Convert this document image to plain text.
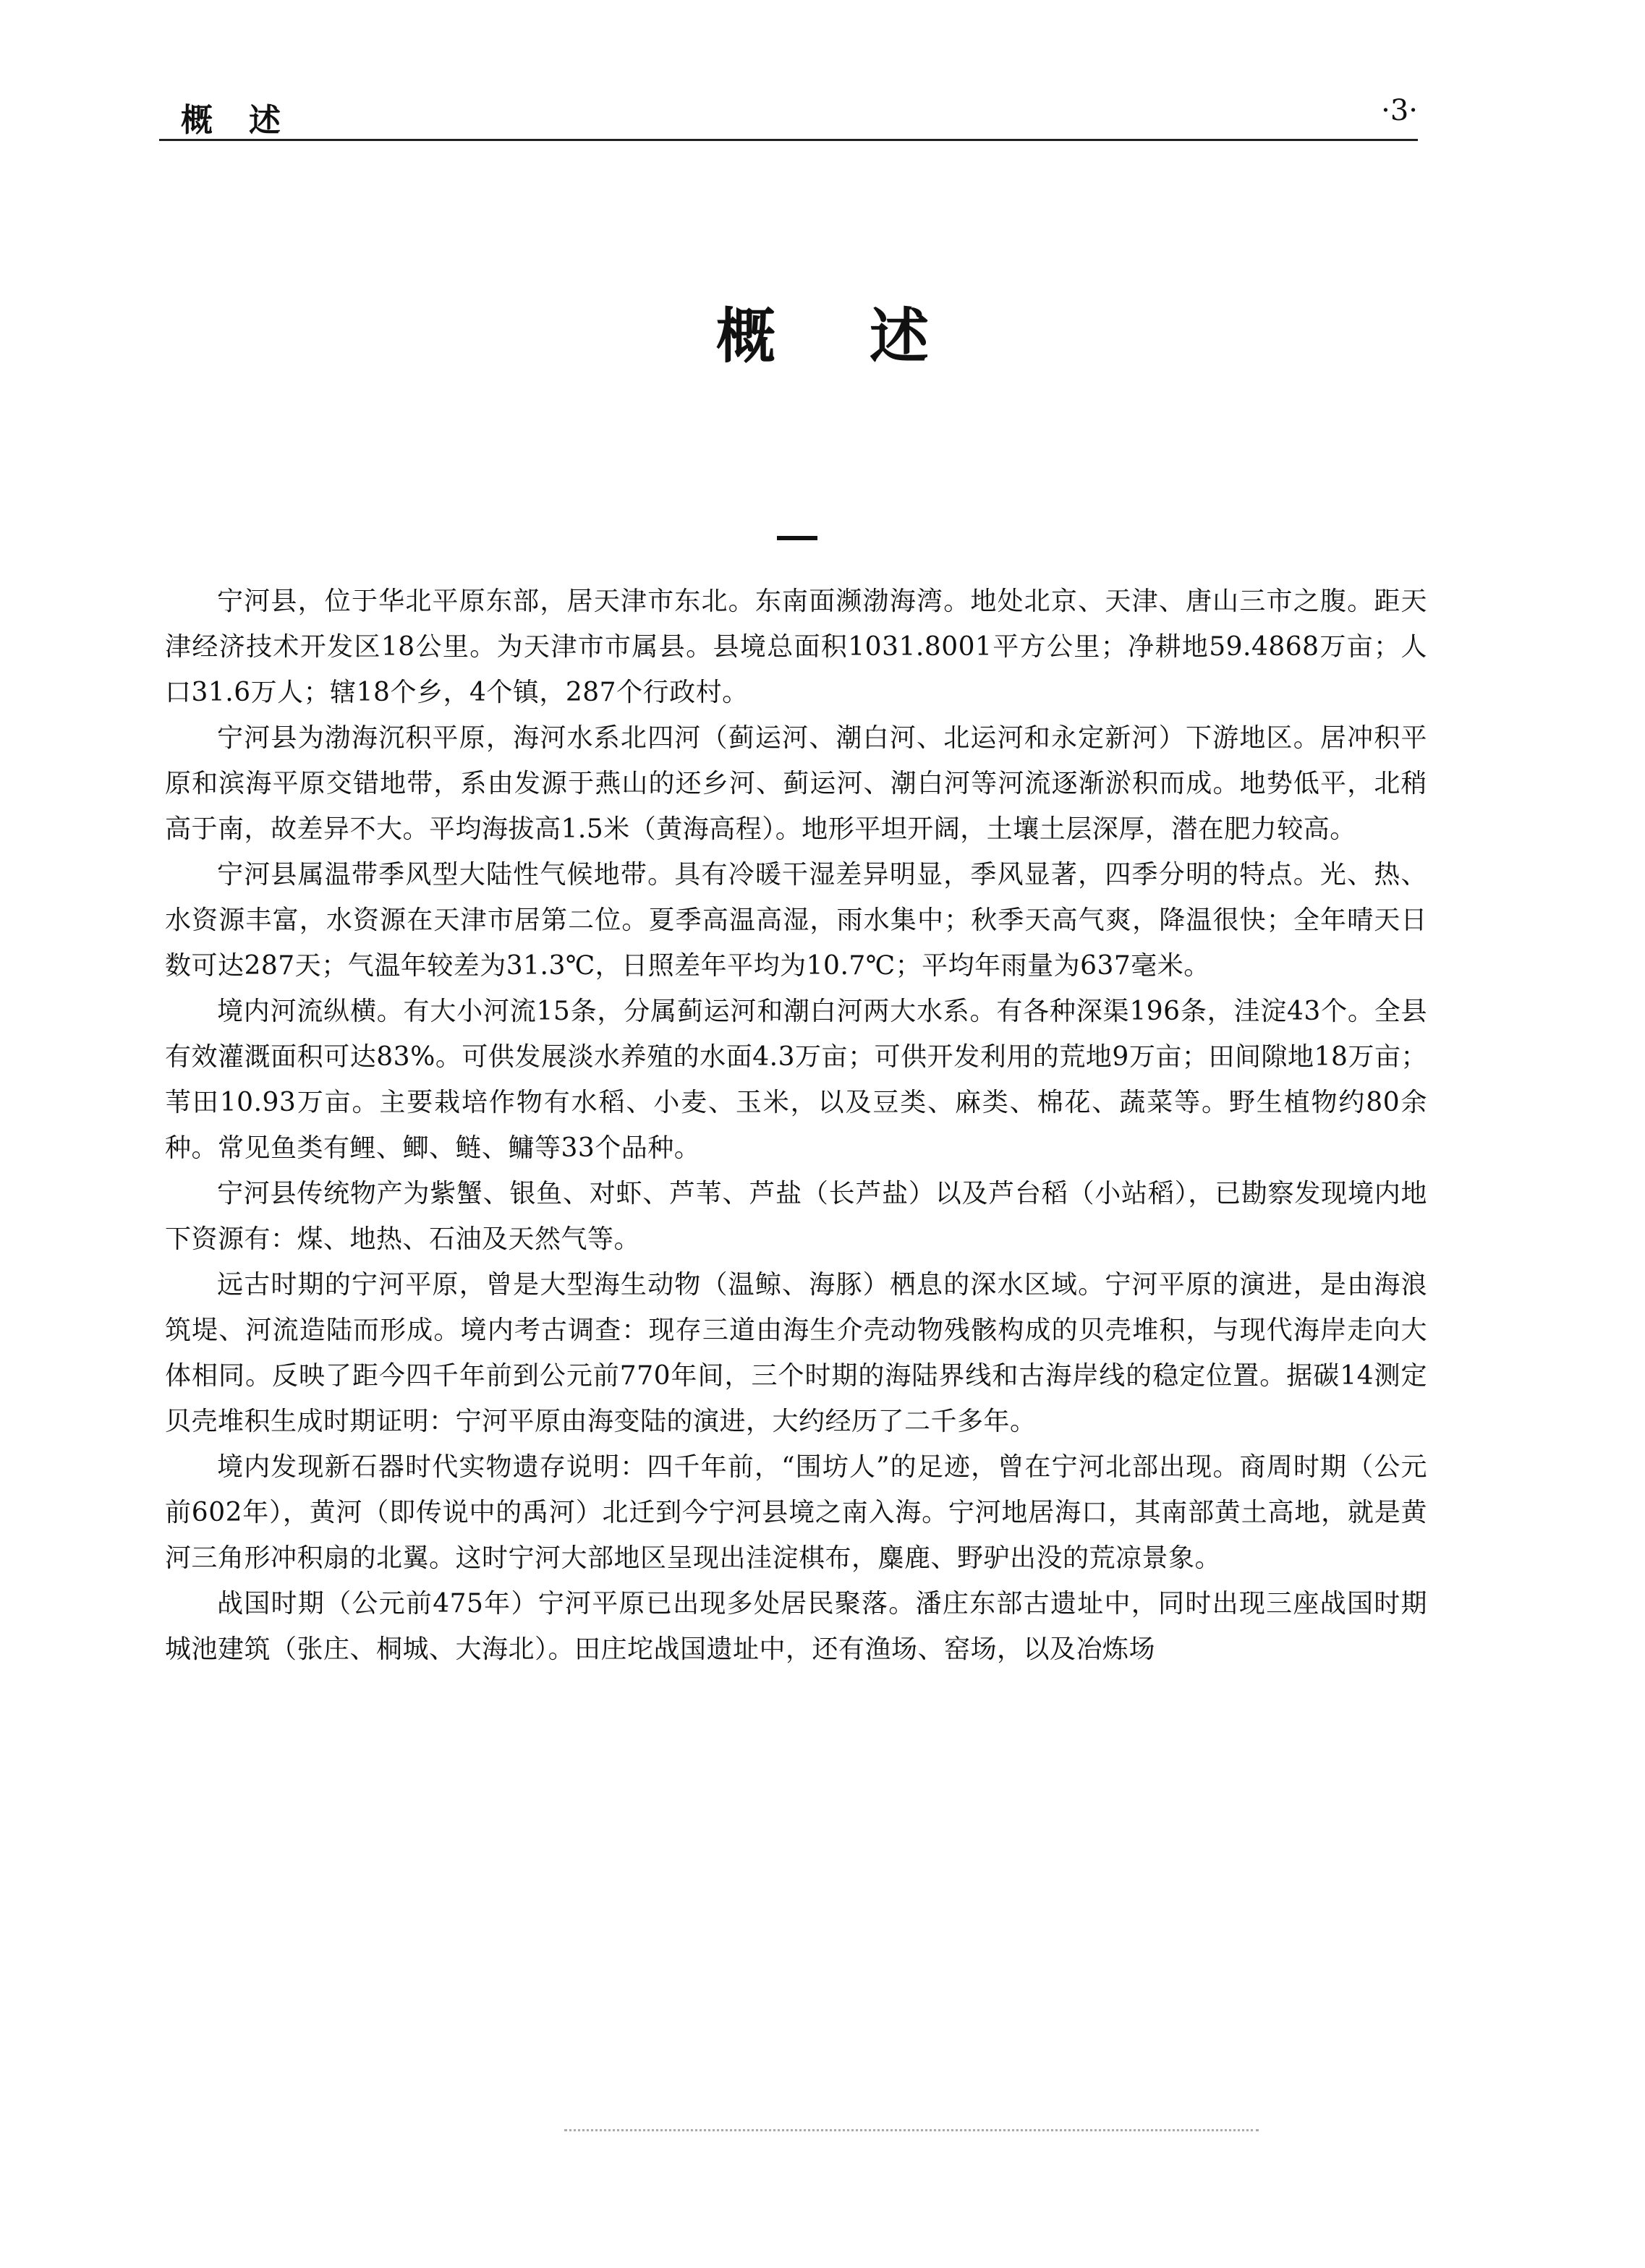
概述	·3·
概述

宁河县，位于华北平原东部，居天津市东北。东南面濒渤海湾。地处北京、天津、唐山三市之腹。距天津经济技术开发区18公里。为天津市市属县。县境总面积1031.8001平方公里；净耕地59.4868万亩；人口31.6万人；辖18个乡，4个镇，287个行政村。

宁河县为渤海沉积平原，海河水系北四河（蓟运河、潮白河、北运河和永定新河）下游地区。居冲积平原和滨海平原交错地带，系由发源于燕山的还乡河、蓟运河、潮白河等河流逐渐淤积而成。地势低平，北稍高于南，故差异不大。平均海拔高1.5米（黄海高程）。地形平坦开阔，土壤土层深厚，潜在肥力较高。

宁河县属温带季风型大陆性气候地带。具有冷暖干湿差异明显，季风显著，四季分明的特点。光、热、水资源丰富，水资源在天津市居第二位。夏季高温高湿，雨水集中；秋季天高气爽，降温很快；全年晴天日数可达287天；气温年较差为31.3℃，日照差年平均为10.7℃；平均年雨量为637毫米。

境内河流纵横。有大小河流15条，分属蓟运河和潮白河两大水系。有各种深渠196条，洼淀43个。全县有效灌溉面积可达83%。可供发展淡水养殖的水面4.3万亩；可供开发利用的荒地9万亩；田间隙地18万亩；苇田10.93万亩。主要栽培作物有水稻、小麦、玉米，以及豆类、麻类、棉花、蔬菜等。野生植物约80余种。常见鱼类有鲤、鲫、鲢、鳙等33个品种。

宁河县传统物产为紫蟹、银鱼、对虾、芦苇、芦盐（长芦盐）以及芦台稻（小站稻），已勘察发现境内地下资源有：煤、地热、石油及天然气等。

远古时期的宁河平原，曾是大型海生动物（温鲸、海豚）栖息的深水区域。宁河平原的演进，是由海浪筑堤、河流造陆而形成。境内考古调查：现存三道由海生介壳动物残骸构成的贝壳堆积，与现代海岸走向大体相同。反映了距今四千年前到公元前770年间，三个时期的海陆界线和古海岸线的稳定位置。据碳14测定贝壳堆积生成时期证明：宁河平原由海变陆的演进，大约经历了二千多年。

境内发现新石器时代实物遗存说明：四千年前，“围坊人”的足迹，曾在宁河北部出现。商周时期（公元前602年），黄河（即传说中的禹河）北迁到今宁河县境之南入海。宁河地居海口，其南部黄土高地，就是黄河三角形冲积扇的北翼。这时宁河大部地区呈现出洼淀棋布，麋鹿、野驴出没的荒凉景象。

战国时期（公元前475年）宁河平原已出现多处居民聚落。潘庄东部古遗址中，同时出现三座战国时期城池建筑（张庄、桐城、大海北）。田庄坨战国遗址中，还有渔场、窑场，以及冶炼场
